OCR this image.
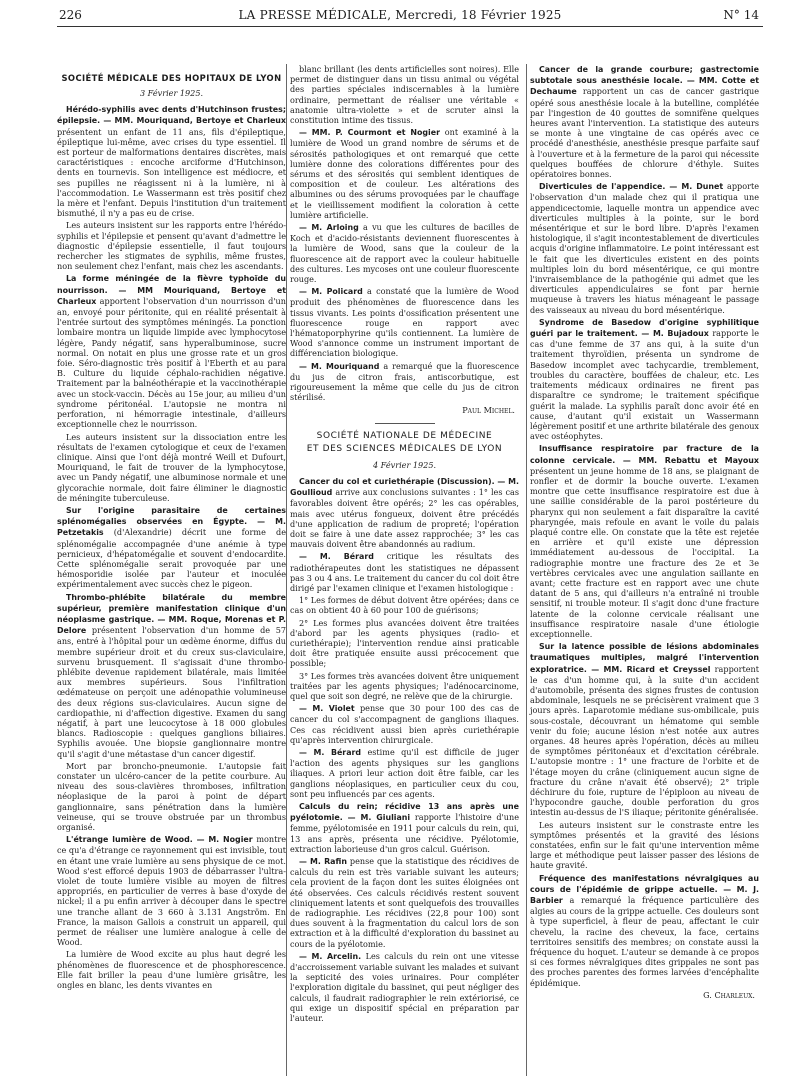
226	LA PRESSE MÉDICALE, Mercredi, 18 Février 1925	N° 14
SOCIÉTÉ MÉDICALE DES HOPITAUX DE LYON
3 Février 1925.

Hérédo-syphilis avec dents d'Hutchinson frustes; épilepsie. — MM. Mouriquand, Bertoye et Charleux présentent un enfant de 11 ans, fils d'épileptique, épileptique lui-même, avec crises du type essentiel. Il est porteur de malformations dentaires discrètes, mais caractéristiques : encoche arciforme d'Hutchinson, dents en tournevis. Son intelligence est médiocre, et ses pupilles ne réagissent ni à la lumière, ni à l'accommodation. Le Wassermann est très positif chez la mère et l'enfant. Depuis l'institution d'un traitement bismuthé, il n'y a pas eu de crise.

Les auteurs insistent sur les rapports entre l'hérédo-syphilis et l'épilepsie et pensent qu'avant d'admettre le diagnostic d'épilepsie essentielle, il faut toujours rechercher les stigmates de syphilis, même frustes, non seulement chez l'enfant, mais chez les ascendants.

La forme méningée de la fièvre typhoïde du nourrisson. — MM Mouriquand, Bertoye et Charleux apportent l'observation d'un nourrisson d'un an, envoyé pour péritonite, qui en réalité présentait à l'entrée surtout des symptômes méningés. La ponction lombaire montra un liquide limpide avec lymphocytose légère, Pandy négatif, sans hyperalbuminose, sucre normal. On notait en plus une grosse rate et un gros foie. Séro-diagnostic très positif à l'Eberth et au para B. Culture du liquide céphalo-rachidien négative. Traitement par la balnéothérapie et la vaccinothérapie avec un stock-vaccin. Décès au 15e jour, au milieu d'un syndrome péritonéal. L'autopsie ne montra ni perforation, ni hémorragie intestinale, d'ailleurs exceptionnelle chez le nourrisson.

Les auteurs insistent sur la dissociation entre les résultats de l'examen cytologique et ceux de l'examen clinique. Ainsi que l'ont déjà montré Weill et Dufourt, Mouriquand, le fait de trouver de la lymphocytose, avec un Pandy négatif, une albuminose normale et une glycorachie normale, doit faire éliminer le diagnostic de méningite tuberculeuse.

Sur l'origine parasitaire de certaines splénomégalies observées en Égypte. — M. Petzetakis (d'Alexandrie) décrit une forme de splénomégalie accompagnée d'une anémie à type pernicieux, d'hépatomégalie et souvent d'endocardite. Cette splénomégalie serait provoquée par une hémosporidie isolée par l'auteur et inoculée expérimentalement avec succès chez le pigeon.

Thrombo-phlébite bilatérale du membre supérieur, première manifestation clinique d'un néoplasme gastrique. — MM. Roque, Morenas et P. Delore présentent l'observation d'un homme de 57 ans, entré à l'hôpital pour un œdème énorme, diffus du membre supérieur droit et du creux sus-claviculaire, survenu brusquement. Il s'agissait d'une thrombo-phlébite devenue rapidement bilatérale, mais limitée aux membres supérieurs. Sous l'infiltration œdémateuse on perçoit une adénopathie volumineuse des deux régions sus-claviculaires. Aucun signe de cardiopathie, ni d'affection digestive. Examen du sang négatif, à part une leucocytose à 18 000 globules blancs. Radioscopie : quelques ganglions biliaires. Syphilis avouée. Une biopsie ganglionnaire montre qu'il s'agit d'une métastase d'un cancer digestif.

Mort par broncho-pneumonie. L'autopsie fait constater un ulcéro-cancer de la petite courbure. Au niveau des sous-clavières thromboses, infiltration néoplasique de la paroi à point de départ ganglionnaire, sans pénétration dans la lumière veineuse, qui se trouve obstruée par un thrombus organisé.

L'étrange lumière de Wood. — M. Nogier montre ce qu'a d'étrange ce rayonnement qui est invisible, tout en étant une vraie lumière au sens physique de ce mot. Wood s'est efforcé depuis 1903 de débarrasser l'ultra-violet de toute lumière visible au moyen de filtres appropriés, en particulier de verres à base d'oxyde de nickel; il a pu enfin arriver à découper dans le spectre une tranche allant de 3 660 à 3.131 Angström. En France, la maison Gallois a construit un appareil, qui permet de réaliser une lumière analogue à celle de Wood.

La lumière de Wood excite au plus haut degré les phénomènes de fluorescence et de phosphorescence. Elle fait briller la peau d'une lumière grisâtre, les ongles en blanc, les dents vivantes en

blanc brillant (les dents artificielles sont noires). Elle permet de distinguer dans un tissu animal ou végétal des parties spéciales indiscernables à la lumière ordinaire, permettant de réaliser une véritable « anatomie ultra-violette » et de scruter ainsi la constitution intime des tissus.

— MM. P. Courmont et Nogier ont examiné à la lumière de Wood un grand nombre de sérums et de sérosités pathologiques et ont remarqué que cette lumière donne des colorations différentes pour des sérums et des sérosités qui semblent identiques de composition et de couleur. Les altérations des albumines ou des sérums provoquées par le chauffage et le vieillissement modifient la coloration à cette lumière artificielle.

— M. Arloing a vu que les cultures de bacilles de Koch et d'acido-résistants deviennent fluorescentes à la lumière de Wood, sans que la couleur de la fluorescence ait de rapport avec la couleur habituelle des cultures. Les mycoses ont une couleur fluorescente rouge.

— M. Policard a constaté que la lumière de Wood produit des phénomènes de fluorescence dans les tissus vivants. Les points d'ossification présentent une fluorescence rouge en rapport avec l'hématoporphyrine qu'ils contiennent. La lumière de Wood s'annonce comme un instrument important de différenciation biologique.

— M. Mouriquand a remarqué que la fluorescence du jus de citron frais, antiscorbutique, est rigoureusement la même que celle du jus de citron stérilisé.

Paul Michel.
SOCIÉTÉ NATIONALE DE MÉDECINE
ET DES SCIENCES MÉDICALES DE LYON
4 Février 1925.

Cancer du col et curiethérapie (Discussion). — M. Goullioud arrive aux conclusions suivantes : 1° les cas favorables doivent être opérés; 2° les cas opérables, mais avec utérus fongueux, doivent être précédés d'une application de radium de propreté; l'opération doit se faire à une date assez rapprochée; 3° les cas mauvais doivent être abandonnés au radium.

— M. Bérard critique les résultats des radiothérapeutes dont les statistiques ne dépassent pas 3 ou 4 ans. Le traitement du cancer du col doit être dirigé par l'examen clinique et l'examen histologique :

1° Les formes de début doivent être opérées; dans ce cas on obtient 40 à 60 pour 100 de guérisons;

2° Les formes plus avancées doivent être traitées d'abord par les agents physiques (radio- et curiethérapie); l'intervention rendue ainsi praticable doit être pratiquée ensuite aussi précocement que possible;

3° Les formes très avancées doivent être uniquement traitées par les agents physiques; l'adénocarcinome, quel que soit son degré, ne relève que de la chirurgie.

— M. Violet pense que 30 pour 100 des cas de cancer du col s'accompagnent de ganglions iliaques. Ces cas récidivent aussi bien après curiethérapie qu'après intervention chirurgicale.

— M. Bérard estime qu'il est difficile de juger l'action des agents physiques sur les ganglions iliaques. A priori leur action doit être faible, car les ganglions néoplasiques, en particulier ceux du cou, sont peu influencés par ces agents.

Calculs du rein; récidive 13 ans après une pyélotomie. — M. Giuliani rapporte l'histoire d'une femme, pyélotomisée en 1911 pour calculs du rein, qui, 13 ans après, présenta une récidive. Pyélotomie, extraction laborieuse d'un gros calcul. Guérison.

— M. Rafin pense que la statistique des récidives de calculs du rein est très variable suivant les auteurs; cela provient de la façon dont les suites éloignées ont été observées. Ces calculs récidivés restent souvent cliniquement latents et sont quelquefois des trouvailles de radiographie. Les récidives (22,8 pour 100) sont dues souvent à la fragmentation du calcul lors de son extraction et à la difficulté d'exploration du bassinet au cours de la pyélotomie.

— M. Arcelin. Les calculs du rein ont une vitesse d'accroissement variable suivant les malades et suivant la septicité des voies urinaires. Pour compléter l'exploration digitale du bassinet, qui peut négliger des calculs, il faudrait radiographier le rein extériorisé, ce qui exige un dispositif spécial en préparation par l'auteur.

Cancer de la grande courbure; gastrectomie subtotale sous anesthésie locale. — MM. Cotte et Dechaume rapportent un cas de cancer gastrique opéré sous anesthésie locale à la butelline, complétée par l'ingestion de 40 gouttes de somnifène quelques heures avant l'intervention. La statistique des auteurs se monte à une vingtaine de cas opérés avec ce procédé d'anesthésie, anesthésie presque parfaite sauf à l'ouverture et à la fermeture de la paroi qui nécessite quelques bouffées de chlorure d'éthyle. Suites opératoires bonnes.

Diverticules de l'appendice. — M. Dunet apporte l'observation d'un malade chez qui il pratiqua une appendicectomie, laquelle montra un appendice avec diverticules multiples à la pointe, sur le bord mésentérique et sur le bord libre. D'après l'examen histologique, il s'agit incontestablement de diverticules acquis d'origine inflammatoire. Le point intéressant est le fait que les diverticules existent en des points multiples loin du bord mésentérique, ce qui montre l'invraisemblance de la pathogénie qui admet que les diverticules appendiculaires se font par hernie muqueuse à travers les hiatus ménageant le passage des vaisseaux au niveau du bord mésentérique.

Syndrome de Basedow d'origine syphilitique guéri par le traitement. — M. Bujadoux rapporte le cas d'une femme de 37 ans qui, à la suite d'un traitement thyroïdien, présenta un syndrome de Basedow incomplet avec tachycardie, tremblement, troubles du caractère, bouffées de chaleur, etc. Les traitements médicaux ordinaires ne firent pas disparaître ce syndrome; le traitement spécifique guérit la malade. La syphilis paraît donc avoir été en cause, d'autant qu'il existait un Wassermann légèrement positif et une arthrite bilatérale des genoux avec ostéophytes.

Insuffisance respiratoire par fracture de la colonne cervicale. — MM. Rebattu et Mayoux présentent un jeune homme de 18 ans, se plaignant de ronfler et de dormir la bouche ouverte. L'examen montre que cette insuffisance respiratoire est due à une saillie considérable de la paroi postérieure du pharynx qui non seulement a fait disparaître la cavité pharyngée, mais refoule en avant le voile du palais plaqué contre elle. On constate que la tête est rejetée en arrière et qu'il existe une dépression immédiatement au-dessous de l'occipital. La radiographie montre une fracture des 2e et 3e vertèbres cervicales avec une angulation saillante en avant; cette fracture est en rapport avec une chute datant de 5 ans, qui d'ailleurs n'a entraîné ni trouble sensitif, ni trouble moteur. Il s'agit donc d'une fracture latente de la colonne cervicale réalisant une insuffisance respiratoire nasale d'une étiologie exceptionnelle.

Sur la latence possible de lésions abdominales traumatiques multiples, malgré l'intervention exploratrice. — MM. Ricard et Creyssel rapportent le cas d'un homme qui, à la suite d'un accident d'automobile, présenta des signes frustes de contusion abdominale, lesquels ne se précisèrent vraiment que 3 jours après. Laparotomie médiane sus-ombilicale, puis sous-costale, découvrant un hématome qui semble venir du foie; aucune lésion n'est notée aux autres organes. 48 heures après l'opération, décès au milieu de symptômes péritonéaux et d'excitation cérébrale. L'autopsie montre : 1° une fracture de l'orbite et de l'étage moyen du crâne (cliniquement aucun signe de fracture du crâne n'avait été observé); 2° triple déchirure du foie, rupture de l'épiploon au niveau de l'hypocondre gauche, double perforation du gros intestin au-dessus de l'S iliaque; péritonite généralisée.

Les auteurs insistent sur le constraste entre les symptômes présentés et la gravité des lésions constatées, enfin sur le fait qu'une intervention même large et méthodique peut laisser passer des lésions de haute gravité.

Fréquence des manifestations névralgiques au cours de l'épidémie de grippe actuelle. — M. J. Barbier a remarqué la fréquence particulière des algies au cours de la grippe actuelle. Ces douleurs sont à type superficiel, à fleur de peau, affectant le cuir chevelu, la racine des cheveux, la face, certains territoires sensitifs des membres; on constate aussi la fréquence du hoquet. L'auteur se demande à ce propos si ces formes névralgiques dites grippales ne sont pas des proches parentes des formes larvées d'encéphalite épidémique.

G. Charleux.
